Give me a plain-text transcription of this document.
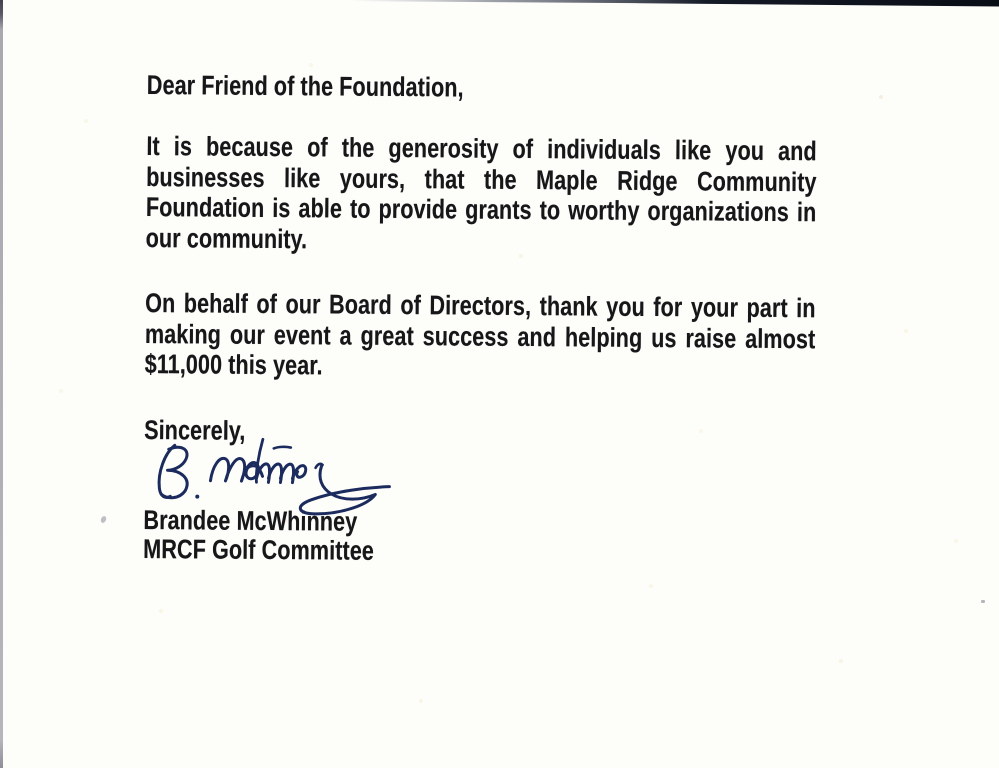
Dear Friend of the Foundation,
It is because of the generosity of individuals like you and
businesses like yours, that the Maple Ridge Community
Foundation is able to provide grants to worthy organizations in
our community.
On behalf of our Board of Directors, thank you for your part in
making our event a great success and helping us raise almost
$11,000 this year.
Sincerely,
Brandee McWhinney
MRCF Golf Committee
